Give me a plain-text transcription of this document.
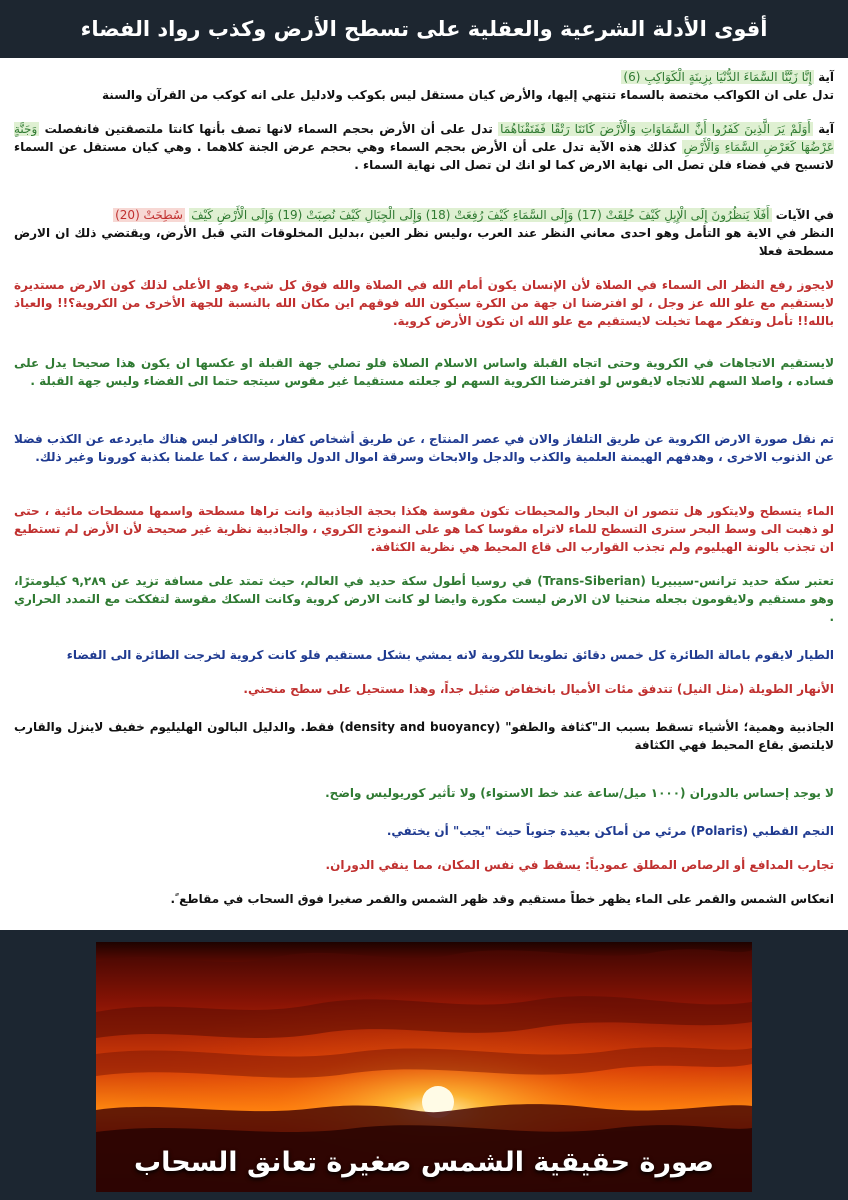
أقوى الأدلة الشرعية والعقلية على تسطح الأرض وكذب رواد الفضاء

آية إِنَّا زَيَّنَّا السَّمَاءَ الدُّنْيَا بِزِينَةٍ الْكَوَاكِبِ (6)
تدل على ان الكواكب مختصة بالسماء تنتهي إليها، والأرض كيان مستقل ليس بكوكب ولادليل على انه كوكب من القرآن والسنة

آية أَوَلَمْ يَرَ الَّذِينَ كَفَرُوا أَنَّ السَّمَاوَاتِ وَالْأَرْضَ كَانَتَا رَتْقًا فَفَتَقْنَاهُمَا تدل على أن الأرض بحجم السماء لانها تصف بأنها كانتا ملتصقتين فانفصلت وَجَنَّةٍ عَرْضُهَا كَعَرْضِ السَّمَاءِ وَالْأَرْضِ كذلك هذه الآية تدل على أن الأرض بحجم السماء وهي بحجم عرض الجنة كلاهما . وهي كيان مستقل عن السماء لاتسبح في فضاء فلن تصل الى نهاية الارض كما لو انك لن تصل الى نهاية السماء .

في الآيات أَفَلَا يَنظُرُونَ إِلَى الْإِبِلِ كَيْفَ خُلِقَتْ (17) وَإِلَى السَّمَاءِ كَيْفَ رُفِعَتْ (18) وَإِلَى الْجِبَالِ كَيْفَ نُصِبَتْ (19) وَإِلَى الْأَرْضِ كَيْفَ سُطِحَتْ (20)
النظر في الاية هو التأمل وهو احدى معاني النظر عند العرب ،وليس نظر العين ،بدليل المخلوقات التي قبل الأرض، ويقتضي ذلك ان الارض مسطحة فعلا

لايجوز رفع النظر الى السماء في الصلاة لأن الإنسان يكون أمام الله في الصلاة والله فوق كل شيء وهو الأعلى لذلك كون الارض مستديرة لايستقيم مع علو الله عز وجل ، لو افترضنا ان جهة من الكرة سيكون الله فوقهم اين مكان الله بالنسبة للجهة الأخرى من الكروية؟!! والعياذ بالله!! تأمل وتفكر مهما تخيلت لايستقيم مع علو الله ان تكون الأرض كروية.

لايستقيم الاتجاهات في الكروية وحتى اتجاه القبلة واساس الاسلام الصلاة فلو تصلي جهة القبلة او عكسها ان يكون هذا صحيحا يدل على فساده ، واصلا السهم للاتجاه لايقوس لو افترضنا الكروية السهم لو جعلته مستقيما غير مقوس سيتجه حتما الى الفضاء وليس جهة القبلة .

تم نقل صورة الارض الكروية عن طريق التلفاز والان في عصر المنتاج ، عن طريق أشخاص كفار ، والكافر ليس هناك مايردعه عن الكذب فضلا عن الذنوب الاخرى ، وهدفهم الهيمنة العلمية والكذب والدجل والابحاث وسرقة اموال الدول والغطرسة ، كما علمنا بكذبة كورونا وغير ذلك.

الماء يتسطح ولايتكور هل تتصور ان البحار والمحيطات تكون مقوسة هكذا بحجة الجاذبية وانت تراها مسطحة واسمها مسطحات مائية ، حتى لو ذهبت الى وسط البحر سترى التسطح للماء لاتراه مقوسا كما هو على النموذج الكروي ، والجاذبية نظرية غير صحيحة لأن الأرض لم تستطيع ان تجذب بالونة الهيليوم ولم تجذب القوارب الى قاع المحيط هي نظرية الكثافة.

تعتبر سكة حديد ترانس-سيبيريا (Trans-Siberian) في روسيا أطول سكة حديد في العالم، حيث تمتد على مسافة تزيد عن ٩,٢٨٩ كيلومترًا، وهو مستقيم ولايقومون بجعله منحنيا لان الارض ليست مكورة وايضا لو كانت الارض كروية وكانت السكك مقوسة لتفككت مع التمدد الحراري .

الطيار لايقوم بامالة الطائرة كل خمس دقائق تطويعا للكروية لانه يمشي بشكل مستقيم فلو كانت كروية لخرجت الطائرة الى الفضاء

الأنهار الطويلة (مثل النيل) تتدفق مئات الأميال بانخفاض ضئيل جداً، وهذا مستحيل على سطح منحني.

الجاذبية وهمية؛ الأشياء تسقط بسبب الـ"كثافة والطفو" (density and buoyancy) فقط. والدليل البالون الهليليوم خفيف لاينزل والقارب لايلتصق بقاع المحيط فهي الكثافة

لا يوجد إحساس بالدوران (١٠٠٠ ميل/ساعة عند خط الاستواء) ولا تأثير كوريوليس واضح.

النجم القطبي (Polaris) مرئي من أماكن بعيدة جنوباً حيث "يجب" أن يختفي.

تجارب المدافع أو الرصاص المطلق عمودياً: يسقط في نفس المكان، مما ينفي الدوران.

انعكاس الشمس والقمر على الماء يظهر خطاً مستقيم وقد ظهر الشمس والقمر صغيرا فوق السحاب في مقاطع ً.

صورة حقيقية الشمس صغيرة تعانق السحاب
